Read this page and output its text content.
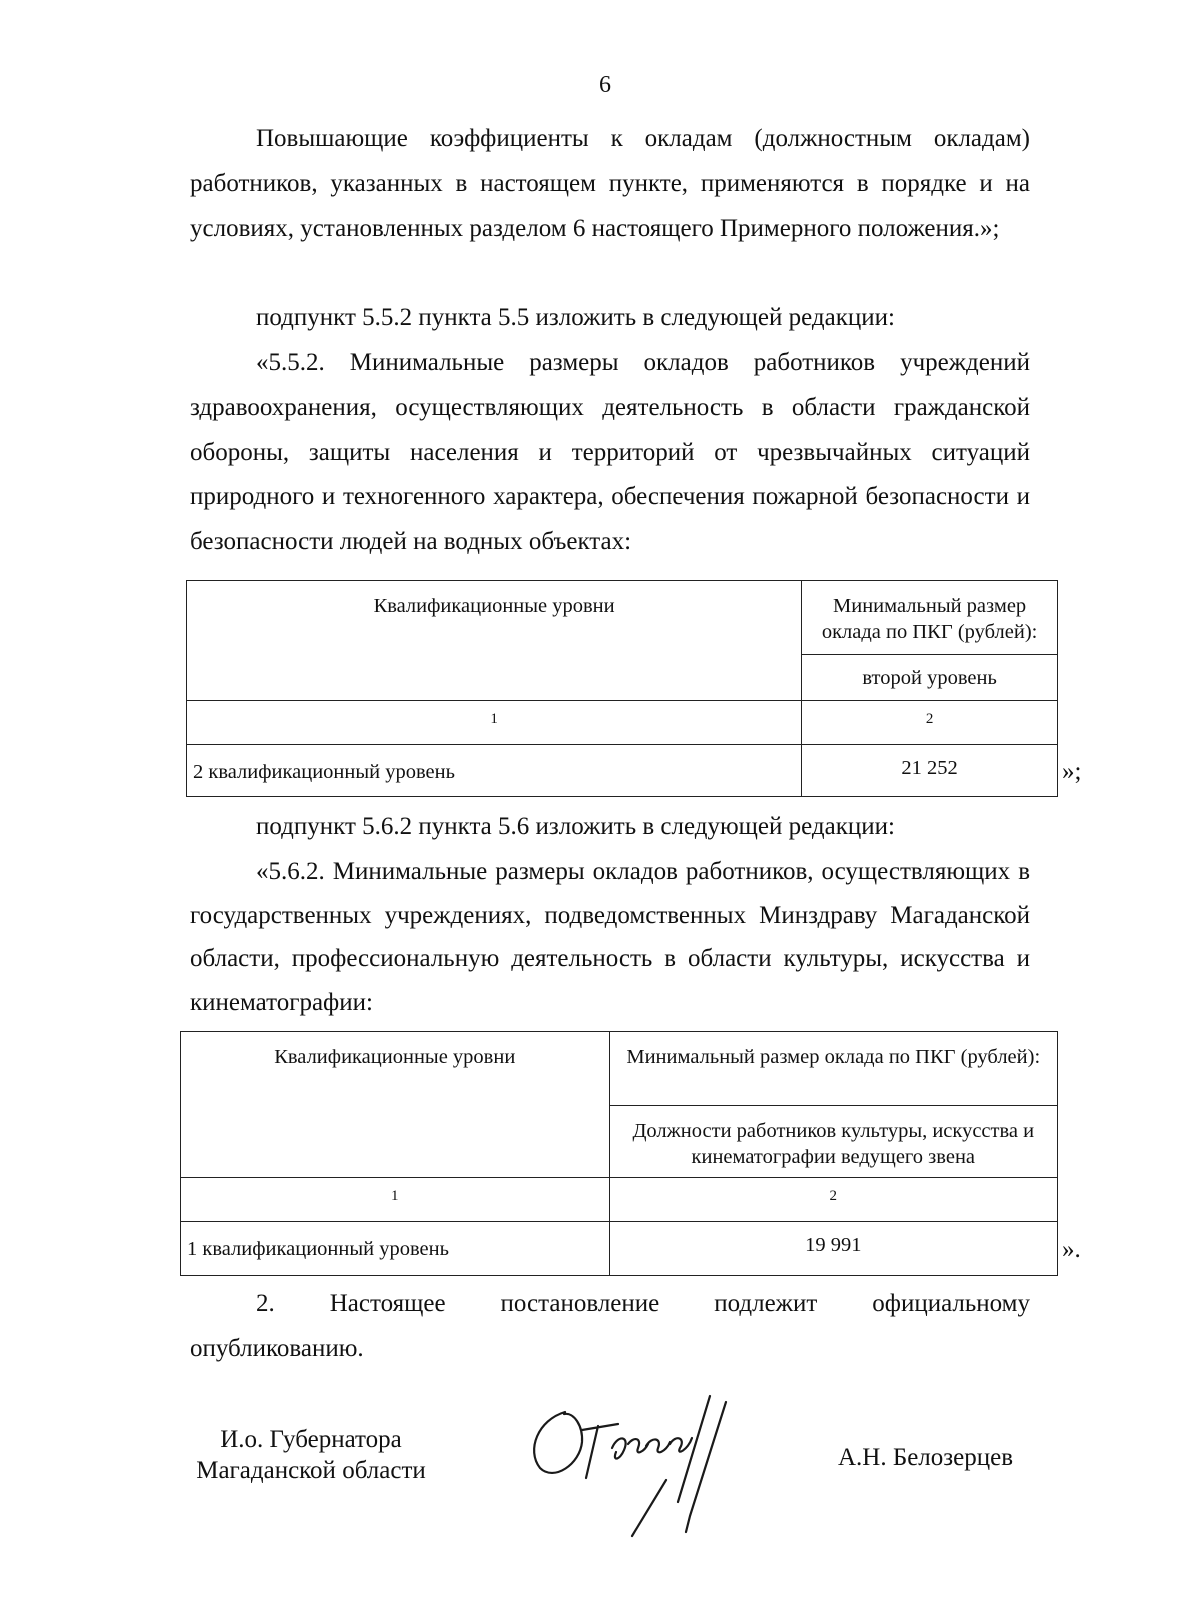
6
Повышающие коэффициенты к окладам (должностным окладам) работников, указанных в настоящем пункте, применяются в порядке и на условиях, установленных разделом 6 настоящего Примерного положения.»;
подпункт 5.5.2 пункта 5.5 изложить в следующей редакции:
«5.5.2. Минимальные размеры окладов работников учреждений здравоохранения, осуществляющих деятельность в области гражданской обороны, защиты населения и территорий от чрезвычайных ситуаций природного и техногенного характера, обеспечения пожарной безопасности и безопасности людей на водных объектах:
Квалификационные уровни	Минимальный размер оклада по ПКГ (рублей):
	второй уровень
1	2
2 квалификационный уровень	21 252	»;
подпункт 5.6.2 пункта 5.6 изложить в следующей редакции:
«5.6.2. Минимальные размеры окладов работников, осуществляющих в государственных учреждениях, подведомственных Минздраву Магаданской области, профессиональную деятельность в области культуры, искусства и кинематографии:
Квалификационные уровни	Минимальный размер оклада по ПКГ (рублей):
	Должности работников культуры, искусства и кинематографии ведущего звена
1	2
1 квалификационный уровень	19 991	».
2. Настоящее постановление подлежит официальному
опубликованию.
И.о. Губернатора
Магаданской области	А.Н. Белозерцев
